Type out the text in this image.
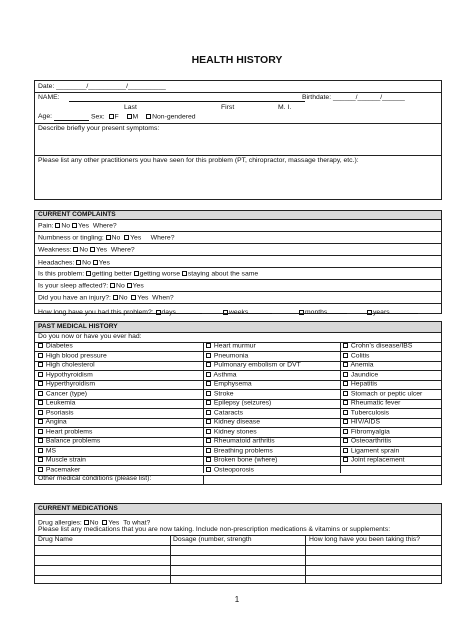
HEALTH HISTORY
Date: ________/__________/__________
NAME:	Birthdate: ______/______/______
Last	First	M. I.
Age:	Sex: F M Non-gendered
Describe briefly your present symptoms:
Please list any other practitioners you have seen for this problem (PT, chiropractor, massage therapy, etc.):
CURRENT COMPLAINTS
Pain: No Yes Where?
Numbness or tingling: No Yes Where?
Weakness: No Yes Where?
Headaches: No Yes
Is this problem: getting better getting worse staying about the same
Is your sleep affected?: No Yes
Did you have an injury?: No Yes When?
How long have you had this problem?: days	weeks	months	years
PAST MEDICAL HISTORY
Do you now or have you ever had:
Diabetes	Heart murmur	Crohn’s disease/IBS
High blood pressure	Pneumonia	Colitis
High cholesterol	Pulmonary embolism or DVT	Anemia
Hypothyroidism	Asthma	Jaundice
Hyperthyroidism	Emphysema	Hepatitis
Cancer (type)	Stroke	Stomach or peptic ulcer
Leukemia	Epilepsy (seizures)	Rheumatic fever
Psoriasis	Cataracts	Tuberculosis
Angina	Kidney disease	HIV/AIDS
Heart problems	Kidney stones	Fibromyalgia
Balance problems	Rheumatoid arthritis	Osteoarthritis
MS	Breathing problems	Ligament sprain
Muscle strain	Broken bone (where)	Joint replacement
Pacemaker	Osteoporosis
Other medical conditions (please list):
CURRENT MEDICATIONS
Drug allergies: No Yes To what?
Please list any medications that you are now taking. Include non-prescription medications & vitamins or supplements:
Drug Name	Dosage (number, strength	How long have you been taking this?
1
